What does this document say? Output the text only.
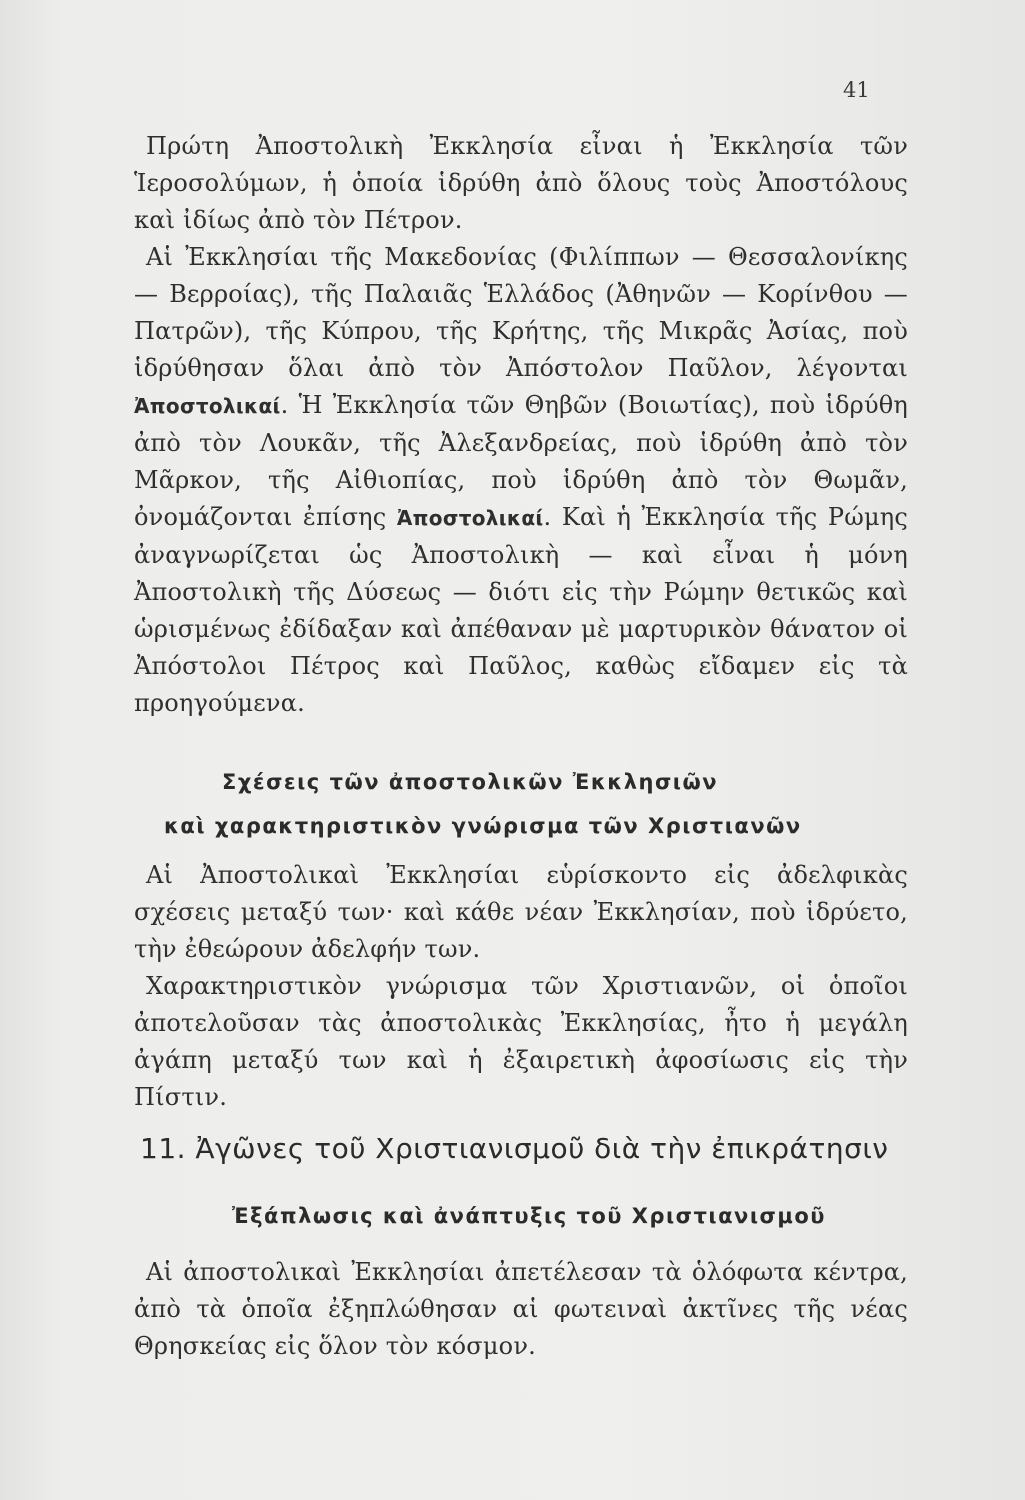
41

Πρώτη Ἀποστολικὴ Ἐκκλησία εἶναι ἡ Ἐκκλησία τῶν Ἱεροσολύμων, ἡ ὁποία ἱδρύθη ἀπὸ ὅλους τοὺς Ἀποστόλους καὶ ἰδίως ἀπὸ τὸν Πέτρον.

Αἱ Ἐκκλησίαι τῆς Μακεδονίας (Φιλίππων — Θεσσαλονίκης — Βερροίας), τῆς Παλαιᾶς Ἑλλάδος (Ἀθηνῶν — Κορίνθου — Πατρῶν), τῆς Κύπρου, τῆς Κρήτης, τῆς Μικρᾶς Ἀσίας, ποὺ ἱδρύθησαν ὅλαι ἀπὸ τὸν Ἀπόστολον Παῦλον, λέγονται Ἀποστολικαί. Ἡ Ἐκκλησία τῶν Θηβῶν (Βοιωτίας), ποὺ ἱδρύθη ἀπὸ τὸν Λουκᾶν, τῆς Ἀλεξανδρείας, ποὺ ἱδρύθη ἀπὸ τὸν Μᾶρκον, τῆς Αἰθιοπίας, ποὺ ἱδρύθη ἀπὸ τὸν Θωμᾶν, ὀνομάζονται ἐπίσης Ἀποστολικαί. Καὶ ἡ Ἐκκλησία τῆς Ρώμης ἀναγνωρίζεται ὡς Ἀποστολικὴ — καὶ εἶναι ἡ μόνη Ἀποστολικὴ τῆς Δύσεως — διότι εἰς τὴν Ρώμην θετικῶς καὶ ὡρισμένως ἐδίδαξαν καὶ ἀπέθαναν μὲ μαρτυρικὸν θάνατον οἱ Ἀπόστολοι Πέτρος καὶ Παῦλος, καθὼς εἴδαμεν εἰς τὰ προηγούμενα.

Σχέσεις τῶν ἀποστολικῶν Ἐκκλησιῶν
καὶ χαρακτηριστικὸν γνώρισμα τῶν Χριστιανῶν

Αἱ Ἀποστολικαὶ Ἐκκλησίαι εὑρίσκοντο εἰς ἀδελφικὰς σχέσεις μεταξύ των· καὶ κάθε νέαν Ἐκκλησίαν, ποὺ ἱδρύετο, τὴν ἐθεώρουν ἀδελφήν των.

Χαρακτηριστικὸν γνώρισμα τῶν Χριστιανῶν, οἱ ὁποῖοι ἀποτελοῦσαν τὰς ἀποστολικὰς Ἐκκλησίας, ἦτο ἡ μεγάλη ἀγάπη μεταξύ των καὶ ἡ ἐξαιρετικὴ ἀφοσίωσις εἰς τὴν Πίστιν.

11. Ἀγῶνες τοῦ Χριστιανισμοῦ διὰ τὴν ἐπικράτησιν
Ἐξάπλωσις καὶ ἀνάπτυξις τοῦ Χριστιανισμοῦ

Αἱ ἀποστολικαὶ Ἐκκλησίαι ἀπετέλεσαν τὰ ὁλόφωτα κέντρα, ἀπὸ τὰ ὁποῖα ἐξηπλώθησαν αἱ φωτειναὶ ἀκτῖνες τῆς νέας Θρησκείας εἰς ὅλον τὸν κόσμον.
